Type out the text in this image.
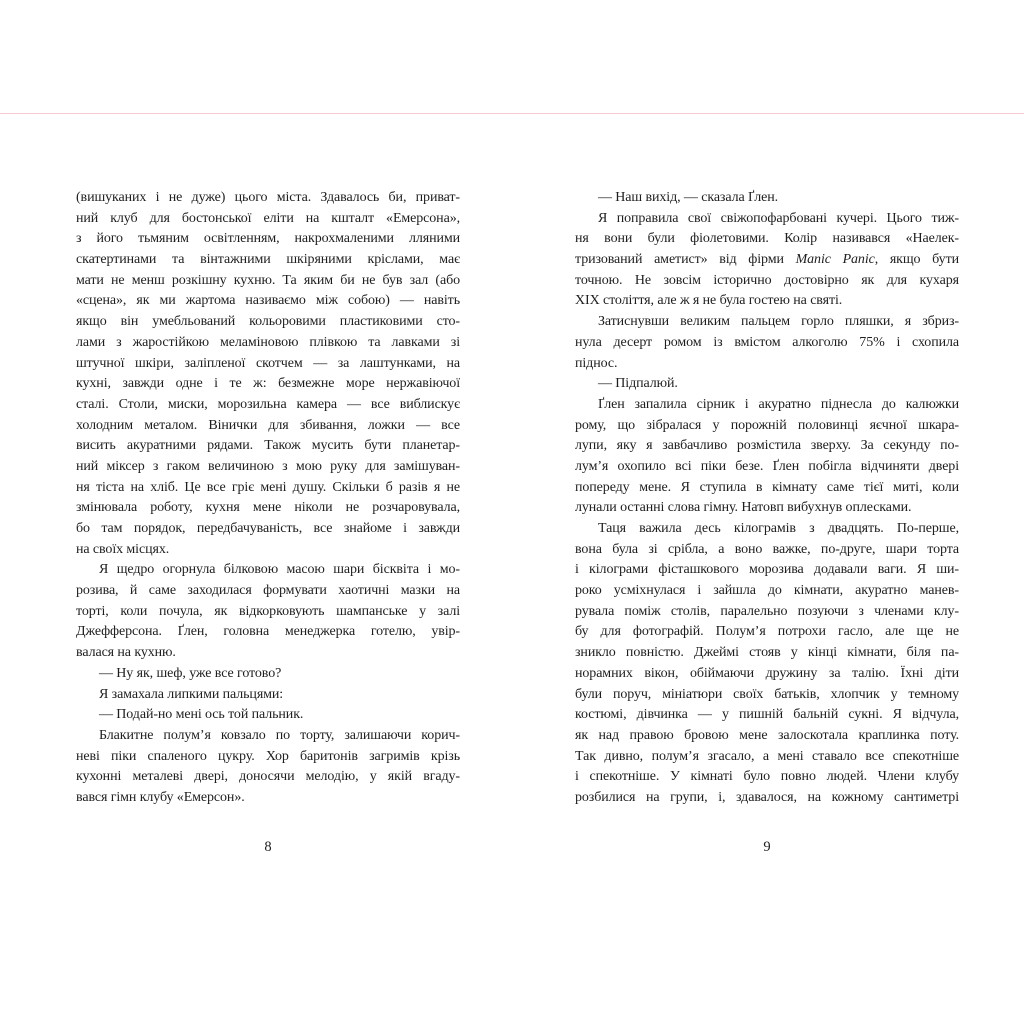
(вишуканих і не дуже) цього міста. Здавалось би, приват-
ний клуб для бостонської еліти на кшталт «Емерсона»,
з його тьмяним освітленням, накрохмаленими лляними
скатертинами та вінтажними шкіряними кріслами, має
мати не менш розкішну кухню. Та яким би не був зал (або
«сцена», як ми жартома називаємо між собою) — навіть
якщо він умебльований кольоровими пластиковими сто-
лами з жаростійкою меламіновою плівкою та лавками зі
штучної шкіри, заліпленої скотчем — за лаштунками, на
кухні, завжди одне і те ж: безмежне море нержавіючої
сталі. Столи, миски, морозильна камера — все виблискує
холодним металом. Вінички для збивання, ложки — все
висить акуратними рядами. Також мусить бути планетар-
ний міксер з гаком величиною з мою руку для замішуван-
ня тіста на хліб. Це все гріє мені душу. Скільки б разів я не
змінювала роботу, кухня мене ніколи не розчаровувала,
бо там порядок, передбачуваність, все знайоме і завжди
на своїх місцях.
Я щедро огорнула білковою масою шари бісквіта і мо-
розива, й саме заходилася формувати хаотичні мазки на
торті, коли почула, як відкорковують шампанське у залі
Джефферсона. Ґлен, головна менеджерка готелю, увір-
валася на кухню.
— Ну як, шеф, уже все готово?
Я замахала липкими пальцями:
— Подай-но мені ось той пальник.
Блакитне полум’я ковзало по торту, залишаючи корич-
неві піки спаленого цукру. Хор баритонів загримів крізь
кухонні металеві двері, доносячи мелодію, у якій вгаду-
вався гімн клубу «Емерсон».
— Наш вихід, — сказала Ґлен.
Я поправила свої свіжопофарбовані кучері. Цього тиж-
ня вони були фіолетовими. Колір називався «Наелек-
тризований аметист» від фірми Manic Panic, якщо бути
точною. Не зовсім історично достовірно як для кухаря
XIX століття, але ж я не була гостею на святі.
Затиснувши великим пальцем горло пляшки, я збриз-
нула десерт ромом із вмістом алкоголю 75% і схопила
піднос.
— Підпалюй.
Ґлен запалила сірник і акуратно піднесла до калюжки
рому, що зібралася у порожній половинці яєчної шкара-
лупи, яку я завбачливо розмістила зверху. За секунду по-
лум’я охопило всі піки безе. Ґлен побігла відчиняти двері
попереду мене. Я ступила в кімнату саме тієї миті, коли
лунали останні слова гімну. Натовп вибухнув оплесками.
Таця важила десь кілограмів з двадцять. По-перше,
вона була зі срібла, а воно важке, по-друге, шари торта
і кілограми фісташкового морозива додавали ваги. Я ши-
роко усміхнулася і зайшла до кімнати, акуратно манев-
рувала поміж столів, паралельно позуючи з членами клу-
бу для фотографій. Полум’я потрохи гасло, але ще не
зникло повністю. Джеймі стояв у кінці кімнати, біля па-
норамних вікон, обіймаючи дружину за талію. Їхні діти
були поруч, мініатюри своїх батьків, хлопчик у темному
костюмі, дівчинка — у пишній бальній сукні. Я відчула,
як над правою бровою мене залоскотала краплинка поту.
Так дивно, полум’я згасало, а мені ставало все спекотніше
і спекотніше. У кімнаті було повно людей. Члени клубу
розбилися на групи, і, здавалося, на кожному сантиметрі
8	9
